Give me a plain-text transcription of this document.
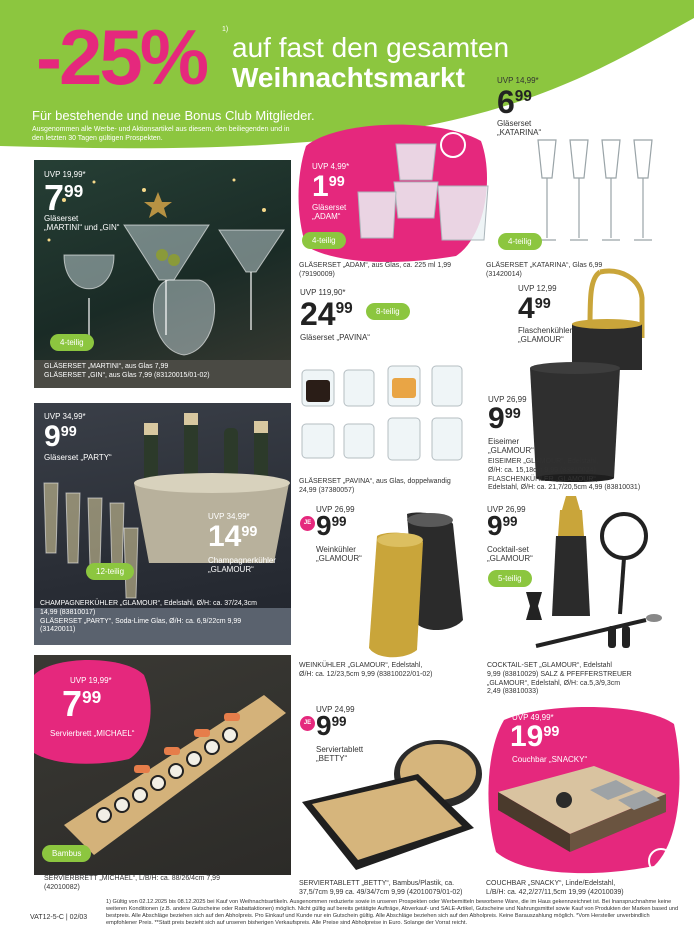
-25% 1)
auf fast den gesamten
Weihnachtsmarkt
Für bestehende und neue Bonus Club Mitglieder.
Ausgenommen alle Werbe- und Aktionsartikel aus diesem, den beiliegenden und in den letzten 30 Tagen gültigen Prospekten.
UVP 19,99*
$7^{99}$
Gläserset
„MARTINI“ und „GIN“
4-teilig
GLÄSERSET „MARTINI“, aus Glas 7,99
GLÄSERSET „GIN“, aus Glas 7,99 (83120015/01-02)
UVP 4,99*
$1^{99}$
Gläserset
„ADAM“
4-teilig
GLÄSERSET „ADAM“, aus Glas, ca. 225 ml 1,99
(79190009)
UVP 14,99*
$6^{99}$
Gläserset
„KATARINA“
4-teilig
GLÄSERSET „KATARINA“, Glas 6,99
(31420014)
UVP 119,90*
$24^{99}$	8-teilig
Gläserset „PAVINA“
GLÄSERSET „PAVINA“, aus Glas, doppelwandig
24,99 (37380057)
UVP 12,99
$4^{99}$
Flaschenkühler
„GLAMOUR“
UVP 26,99
$9^{99}$
Eiseimer
„GLAMOUR“
EISEIMER „GLAMOUR“, Edelstahl,
Ø/H: ca. 15,18cm 9,99 (83810024)
FLASCHENKÜHLER „GLAMOUR“,
Edelstahl, Ø/H: ca. 21,7/20,5cm 4,99 (83810031)
UVP 34,99*
$9^{99}$
Gläserset „PARTY“
UVP 34,99*
$14^{99}$
Champagnerkühler
„GLAMOUR“
12-teilig
CHAMPAGNERKÜHLER „GLAMOUR“, Edelstahl, Ø/H: ca. 37/24,3cm
14,99 (83810017)
GLÄSERSET „PARTY“, Soda-Lime Glas, Ø/H: ca. 6,9/22cm 9,99
(31420011)
JE
UVP 26,99
$9^{99}$
Weinkühler
„GLAMOUR“
WEINKÜHLER „GLAMOUR“, Edelstahl,
Ø/H: ca. 12/23,5cm 9,99 (83810022/01-02)
UVP 26,99
$9^{99}$
Cocktail-set
„GLAMOUR“
5-teilig
COCKTAIL-SET „GLAMOUR“, Edelstahl
9,99 (83810029) SALZ & PFEFFERSTREUER
„GLAMOUR“, Edelstahl, Ø/H: ca.5,3/9,3cm
2,49 (83810033)
UVP 19,99*
$7^{99}$
Servierbrett „MICHAEL“
Bambus
SERVIERBRETT „MICHAEL“, L/B/H: ca. 88/26/4cm 7,99
(42010082)
JE
UVP 24,99
$9^{99}$
Serviertablett
„BETTY“
SERVIERTABLETT „BETTY“, Bambus/Plastik, ca.
37,5/7cm 9,99 ca. 49/34/7cm 9,99 (42010079/01-02)
UVP 49,99*
$19^{99}$
Couchbar „SNACKY“
COUCHBAR „SNACKY“, Linde/Edelstahl,
L/B/H: ca. 42,2/27/11,5cm 19,99 (42010039)
1) Gültig von 02.12.2025 bis 08.12.2025 bei Kauf von Weihnachtsartikeln. Ausgenommen reduzierte sowie in unseren Prospekten oder Werbemitteln beworbene Ware, die im Haus gekennzeichnet ist. Bei Inanspruchnahme keine weiteren Konditionen (z.B. andere Gutscheine oder Rabattaktionen) möglich. Nicht gültig auf bereits getätigte Aufträge, Abverkauf- und SALE-Artikel, Gutscheine und Nahrungsmittel sowie Kauf von Produkten der Marken based und bestpreis. Alle Abschläge beziehen sich auf den Abholpreis. Pro Einkauf und Kunde nur ein Gutschein gültig. Alle Abschläge beziehen sich auf den Abholpreis. Keine Barauszahlung möglich. *Vom Hersteller unverbindlich empfohlener Preis. **Statt preis bezieht sich auf unseren bisherigen Verkaufspreis. Alle Preise sind Abholpreise in Euro. Solange der Vorrat reicht.
VAT12-5-C | 02/03
